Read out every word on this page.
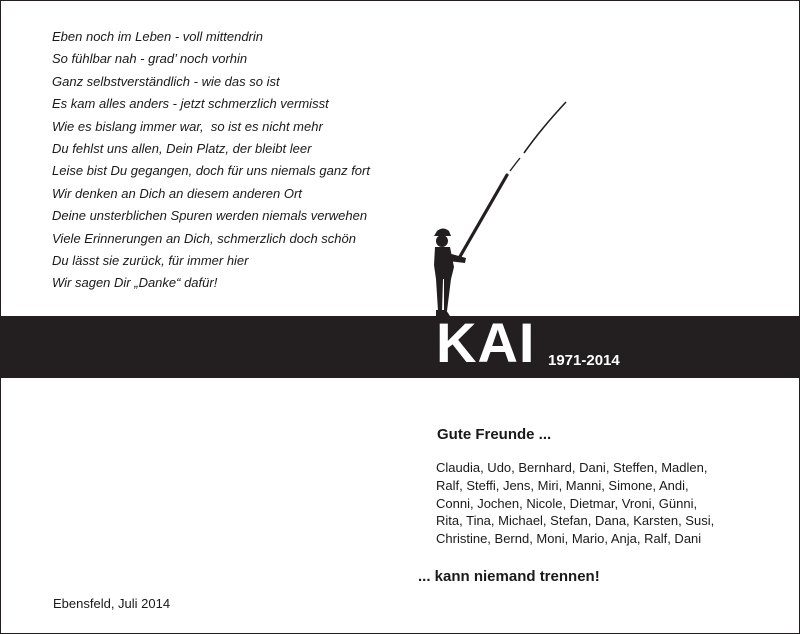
Eben noch im Leben - voll mittendrin
So fühlbar nah - grad’ noch vorhin
Ganz selbstverständlich - wie das so ist
Es kam alles anders - jetzt schmerzlich vermisst
Wie es bislang immer war,  so ist es nicht mehr
Du fehlst uns allen, Dein Platz, der bleibt leer
Leise bist Du gegangen, doch für uns niemals ganz fort
Wir denken an Dich an diesem anderen Ort
Deine unsterblichen Spuren werden niemals verwehen
Viele Erinnerungen an Dich, schmerzlich doch schön
Du lässt sie zurück, für immer hier
Wir sagen Dir „Danke“ dafür!
KAI 1971-2014
Gute Freunde ...
Claudia, Udo, Bernhard, Dani, Steffen, Madlen,
Ralf, Steffi, Jens, Miri, Manni, Simone, Andi,
Conni, Jochen, Nicole, Dietmar, Vroni, Günni,
Rita, Tina, Michael, Stefan, Dana, Karsten, Susi,
Christine, Bernd, Moni, Mario, Anja, Ralf, Dani
... kann niemand trennen!
Ebensfeld, Juli 2014
